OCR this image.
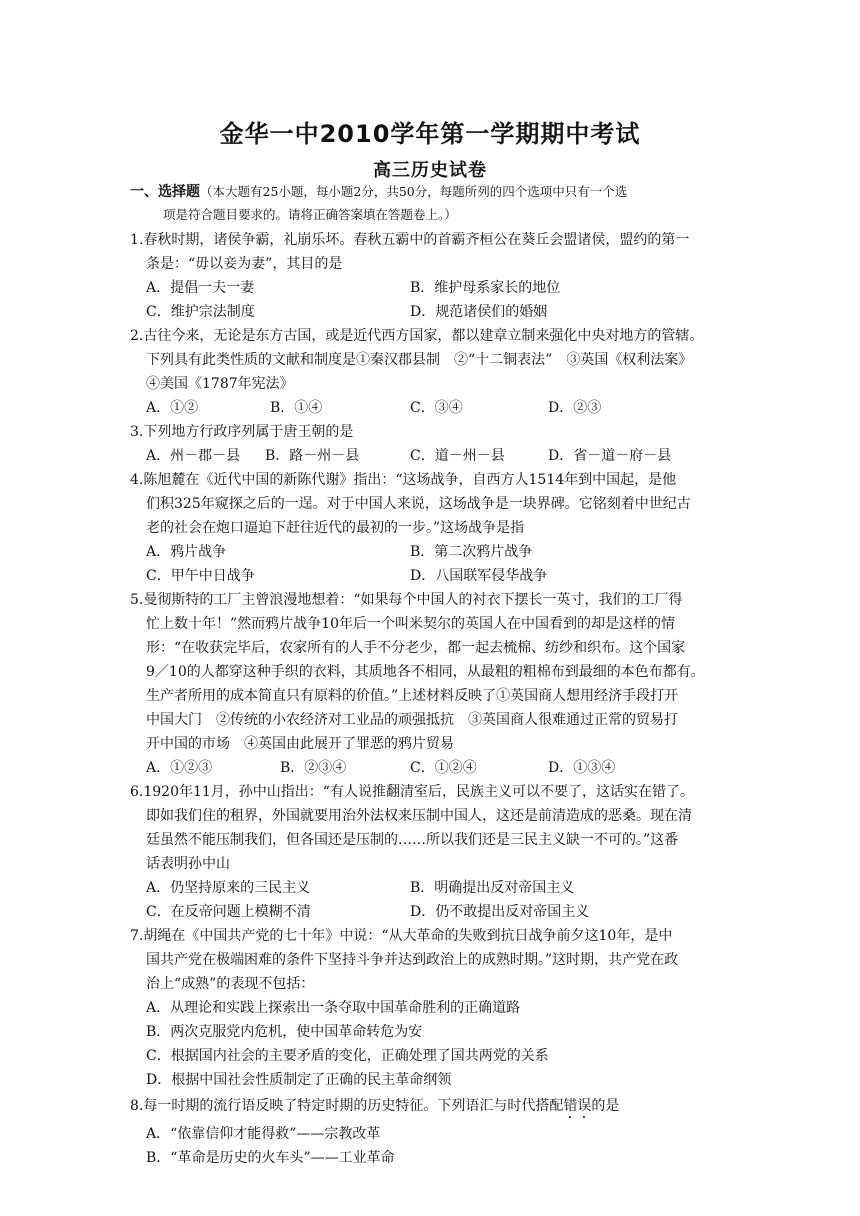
金华一中2010学年第一学期期中考试
高三历史试卷
一、选择题（本大题有25小题，每小题2分，共50分，每题所列的四个选项中只有一个选
项是符合题目要求的。请将正确答案填在答题卷上。）
1.春秋时期，诸侯争霸，礼崩乐坏。春秋五霸中的首霸齐桓公在葵丘会盟诸侯，盟约的第一
条是：“毋以妾为妻”，其目的是
A．提倡一夫一妻	B．维护母系家长的地位
C．维护宗法制度	D．规范诸侯们的婚姻
2.古往今来，无论是东方古国，或是近代西方国家，都以建章立制来强化中央对地方的管辖。
下列具有此类性质的文献和制度是①秦汉郡县制　②“十二铜表法”　③英国《权利法案》
④美国《1787年宪法》
A．①②	B．①④	C．③④	D．②③
3.下列地方行政序列属于唐王朝的是
A．州－郡－县 B．路－州－县	C．道－州－县	D．省－道－府－县
4.陈旭麓在《近代中国的新陈代谢》指出：“这场战争，自西方人1514年到中国起，是他
们积325年窥探之后的一逞。对于中国人来说，这场战争是一块界碑。它铭刻着中世纪古
老的社会在炮口逼迫下赶往近代的最初的一步。”这场战争是指
A．鸦片战争	B．第二次鸦片战争
C．甲午中日战争	D．八国联军侵华战争
5.曼彻斯特的工厂主曾浪漫地想着：“如果每个中国人的衬衣下摆长一英寸，我们的工厂得
忙上数十年！”然而鸦片战争10年后一个叫米契尔的英国人在中国看到的却是这样的情
形：“在收获完毕后，农家所有的人手不分老少，都一起去梳棉、纺纱和织布。这个国家
9／10的人都穿这种手织的衣料，其质地各不相同，从最粗的粗棉布到最细的本色布都有。
生产者所用的成本简直只有原料的价值。”上述材料反映了①英国商人想用经济手段打开
中国大门　②传统的小农经济对工业品的顽强抵抗　③英国商人很难通过正常的贸易打
开中国的市场　④英国由此展开了罪恶的鸦片贸易
A．①②③	B．②③④	C．①②④	D．①③④
6.1920年11月，孙中山指出：“有人说推翻清室后，民族主义可以不要了，这话实在错了。
即如我们住的租界，外国就要用治外法权来压制中国人，这还是前清造成的恶桑。现在清
廷虽然不能压制我们，但各国还是压制的……所以我们还是三民主义缺一不可的。”这番
话表明孙中山
A．仍坚持原来的三民主义	B．明确提出反对帝国主义
C．在反帝问题上模糊不清	D．仍不敢提出反对帝国主义
7.胡绳在《中国共产党的七十年》中说：“从大革命的失败到抗日战争前夕这10年，是中
国共产党在极端困难的条件下坚持斗争并达到政治上的成熟时期。”这时期，共产党在政
治上“成熟”的表现不包括：
A．从理论和实践上探索出一条夺取中国革命胜利的正确道路
B．两次克服党内危机，使中国革命转危为安
C．根据国内社会的主要矛盾的变化，正确处理了国共两党的关系
D．根据中国社会性质制定了正确的民主革命纲领
8.每一时期的流行语反映了特定时期的历史特征。下列语汇与时代搭配错误的是
A．“依靠信仰才能得救”——宗教改革
B．“革命是历史的火车头”——工业革命
